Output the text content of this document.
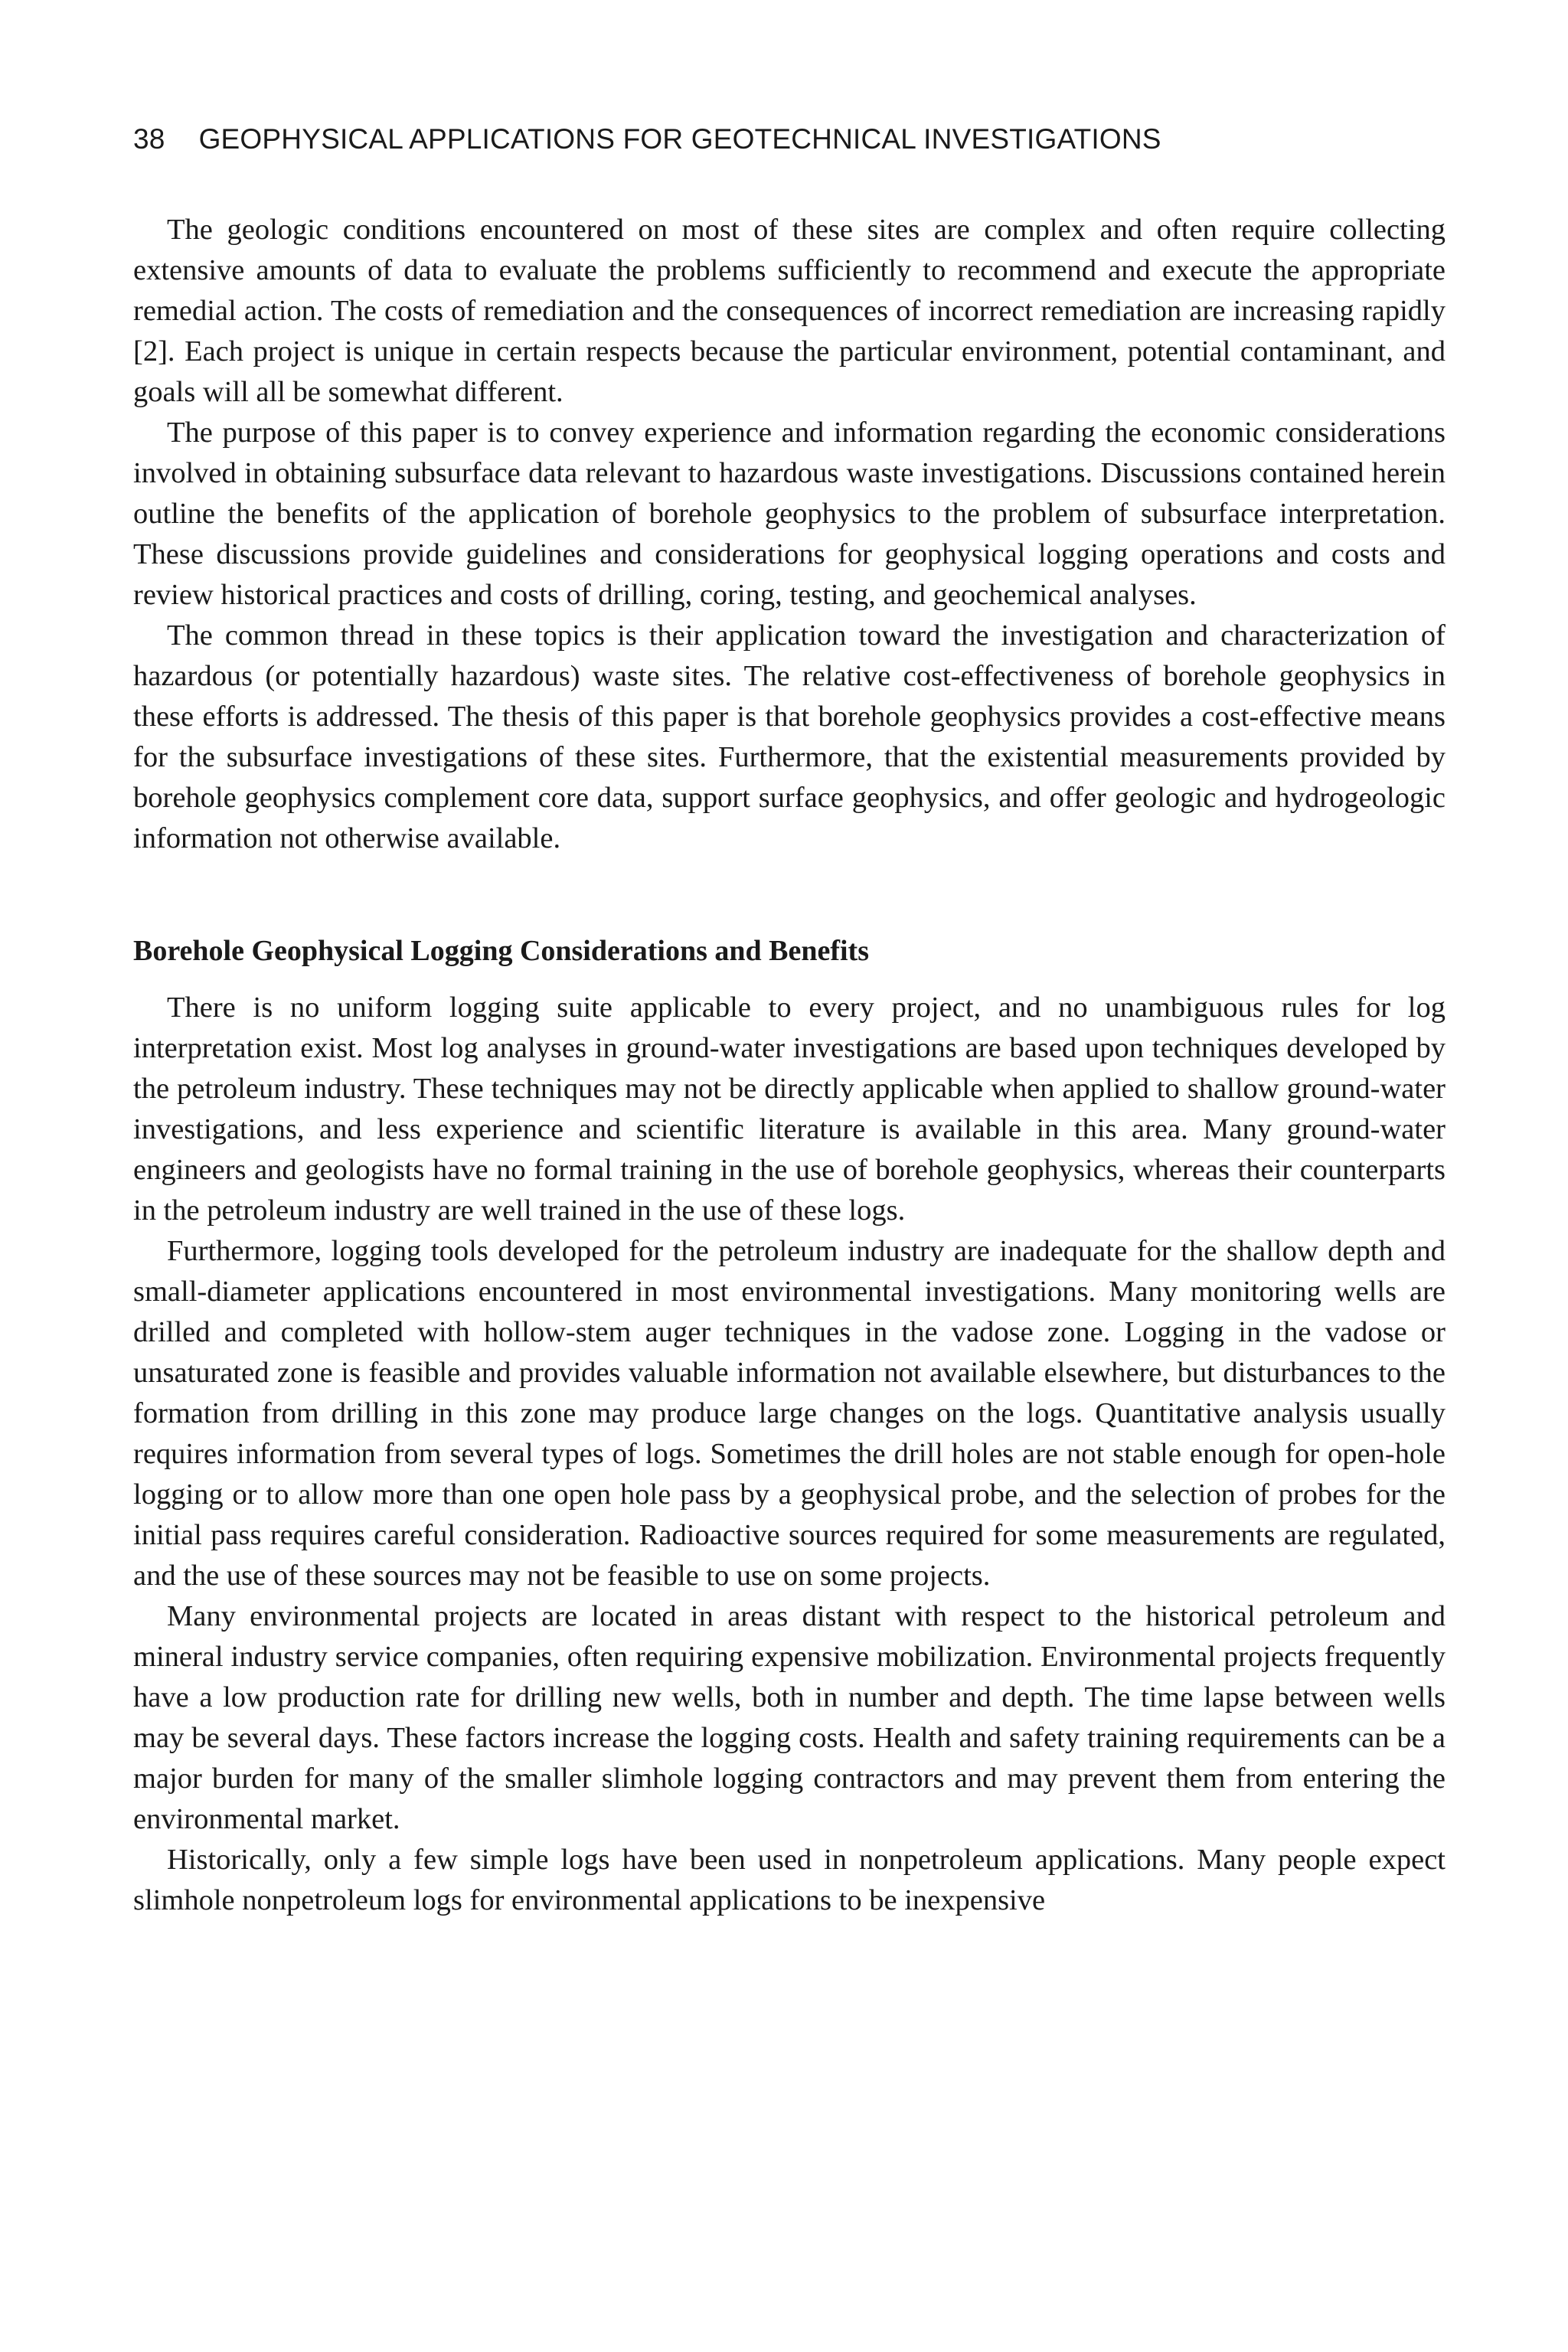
38 GEOPHYSICAL APPLICATIONS FOR GEOTECHNICAL INVESTIGATIONS

The geologic conditions encountered on most of these sites are complex and often require collecting extensive amounts of data to evaluate the problems sufficiently to recommend and execute the appropriate remedial action. The costs of remediation and the consequences of incorrect remediation are increasing rapidly [2]. Each project is unique in certain respects because the particular environment, potential contaminant, and goals will all be somewhat different.

The purpose of this paper is to convey experience and information regarding the economic considerations involved in obtaining subsurface data relevant to hazardous waste investigations. Discussions contained herein outline the benefits of the application of borehole geophysics to the problem of subsurface interpretation. These discussions provide guidelines and considerations for geophysical logging operations and costs and review historical practices and costs of drilling, coring, testing, and geochemical analyses.

The common thread in these topics is their application toward the investigation and characterization of hazardous (or potentially hazardous) waste sites. The relative cost-effectiveness of borehole geophysics in these efforts is addressed. The thesis of this paper is that borehole geophysics provides a cost-effective means for the subsurface investigations of these sites. Furthermore, that the existential measurements provided by borehole geophysics complement core data, support surface geophysics, and offer geologic and hydrogeologic information not otherwise available.

Borehole Geophysical Logging Considerations and Benefits

There is no uniform logging suite applicable to every project, and no unambiguous rules for log interpretation exist. Most log analyses in ground-water investigations are based upon techniques developed by the petroleum industry. These techniques may not be directly applicable when applied to shallow ground-water investigations, and less experience and scientific literature is available in this area. Many ground-water engineers and geologists have no formal training in the use of borehole geophysics, whereas their counterparts in the petroleum industry are well trained in the use of these logs.

Furthermore, logging tools developed for the petroleum industry are inadequate for the shallow depth and small-diameter applications encountered in most environmental investigations. Many monitoring wells are drilled and completed with hollow-stem auger techniques in the vadose zone. Logging in the vadose or unsaturated zone is feasible and provides valuable information not available elsewhere, but disturbances to the formation from drilling in this zone may produce large changes on the logs. Quantitative analysis usually requires information from several types of logs. Sometimes the drill holes are not stable enough for open-hole logging or to allow more than one open hole pass by a geophysical probe, and the selection of probes for the initial pass requires careful consideration. Radioactive sources required for some measurements are regulated, and the use of these sources may not be feasible to use on some projects.

Many environmental projects are located in areas distant with respect to the historical petroleum and mineral industry service companies, often requiring expensive mobilization. Environmental projects frequently have a low production rate for drilling new wells, both in number and depth. The time lapse between wells may be several days. These factors increase the logging costs. Health and safety training requirements can be a major burden for many of the smaller slimhole logging contractors and may prevent them from entering the environmental market.

Historically, only a few simple logs have been used in nonpetroleum applications. Many people expect slimhole nonpetroleum logs for environmental applications to be inexpensive
